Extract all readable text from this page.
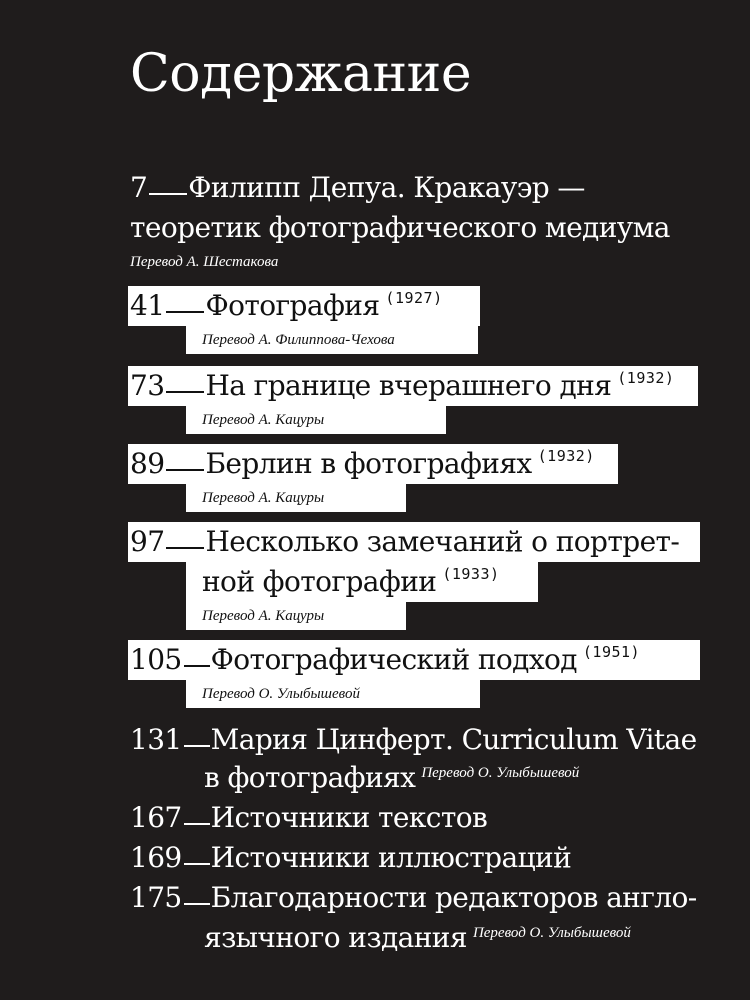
Содержание
7 Филипп Депуа. Кракауэр —
теоретик фотографического медиума
Перевод А. Шестакова
41 Фотография $^{(1927)}$
Перевод А. Филиппова-Чехова
73 На границе вчерашнего дня $^{(1932)}$
Перевод А. Кацуры
89 Берлин в фотографиях $^{(1932)}$
Перевод А. Кацуры
97 Несколько замечаний о портрет-
ной фотографии $^{(1933)}$
Перевод А. Кацуры
105 Фотографический подход $^{(1951)}$
Перевод О. Улыбышевой
131 Мария Цинферт. Curriculum Vitae
в фотографиях $^{Перевод О. Улыбышевой}$
167 Источники текстов
169 Источники иллюстраций
175 Благодарности редакторов англо-
язычного издания $^{Перевод О. Улыбышевой}$
